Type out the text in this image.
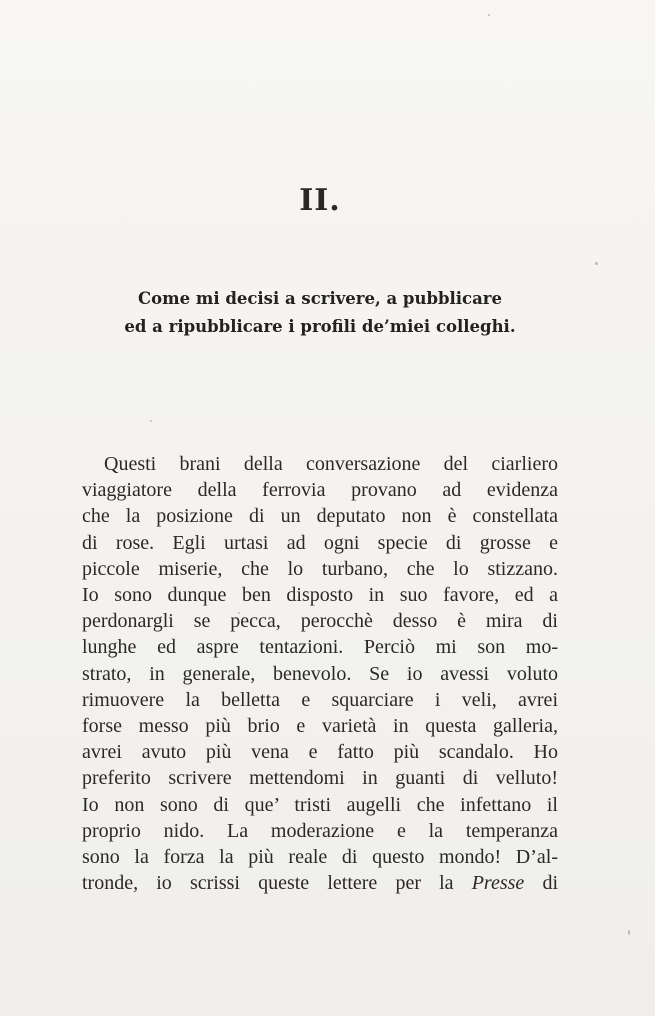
II.
Come mi decisi a scrivere, a pubblicare
ed a ripubblicare i profili de’miei colleghi.
Questi brani della conversazione del ciarliero
viaggiatore della ferrovia provano ad evidenza
che la posizione di un deputato non è constellata
di rose. Egli urtasi ad ogni specie di grosse e
piccole miserie, che lo turbano, che lo stizzano.
Io sono dunque ben disposto in suo favore, ed a
perdonargli se pecca, perocchè desso è mira di
lunghe ed aspre tentazioni. Perciò mi son mo-
strato, in generale, benevolo. Se io avessi voluto
rimuovere la belletta e squarciare i veli, avrei
forse messo più brio e varietà in questa galleria,
avrei avuto più vena e fatto più scandalo. Ho
preferito scrivere mettendomi in guanti di velluto!
Io non sono di que’ tristi augelli che infettano il
proprio nido. La moderazione e la temperanza
sono la forza la più reale di questo mondo! D’al-
tronde, io scrissi queste lettere per la Presse di
